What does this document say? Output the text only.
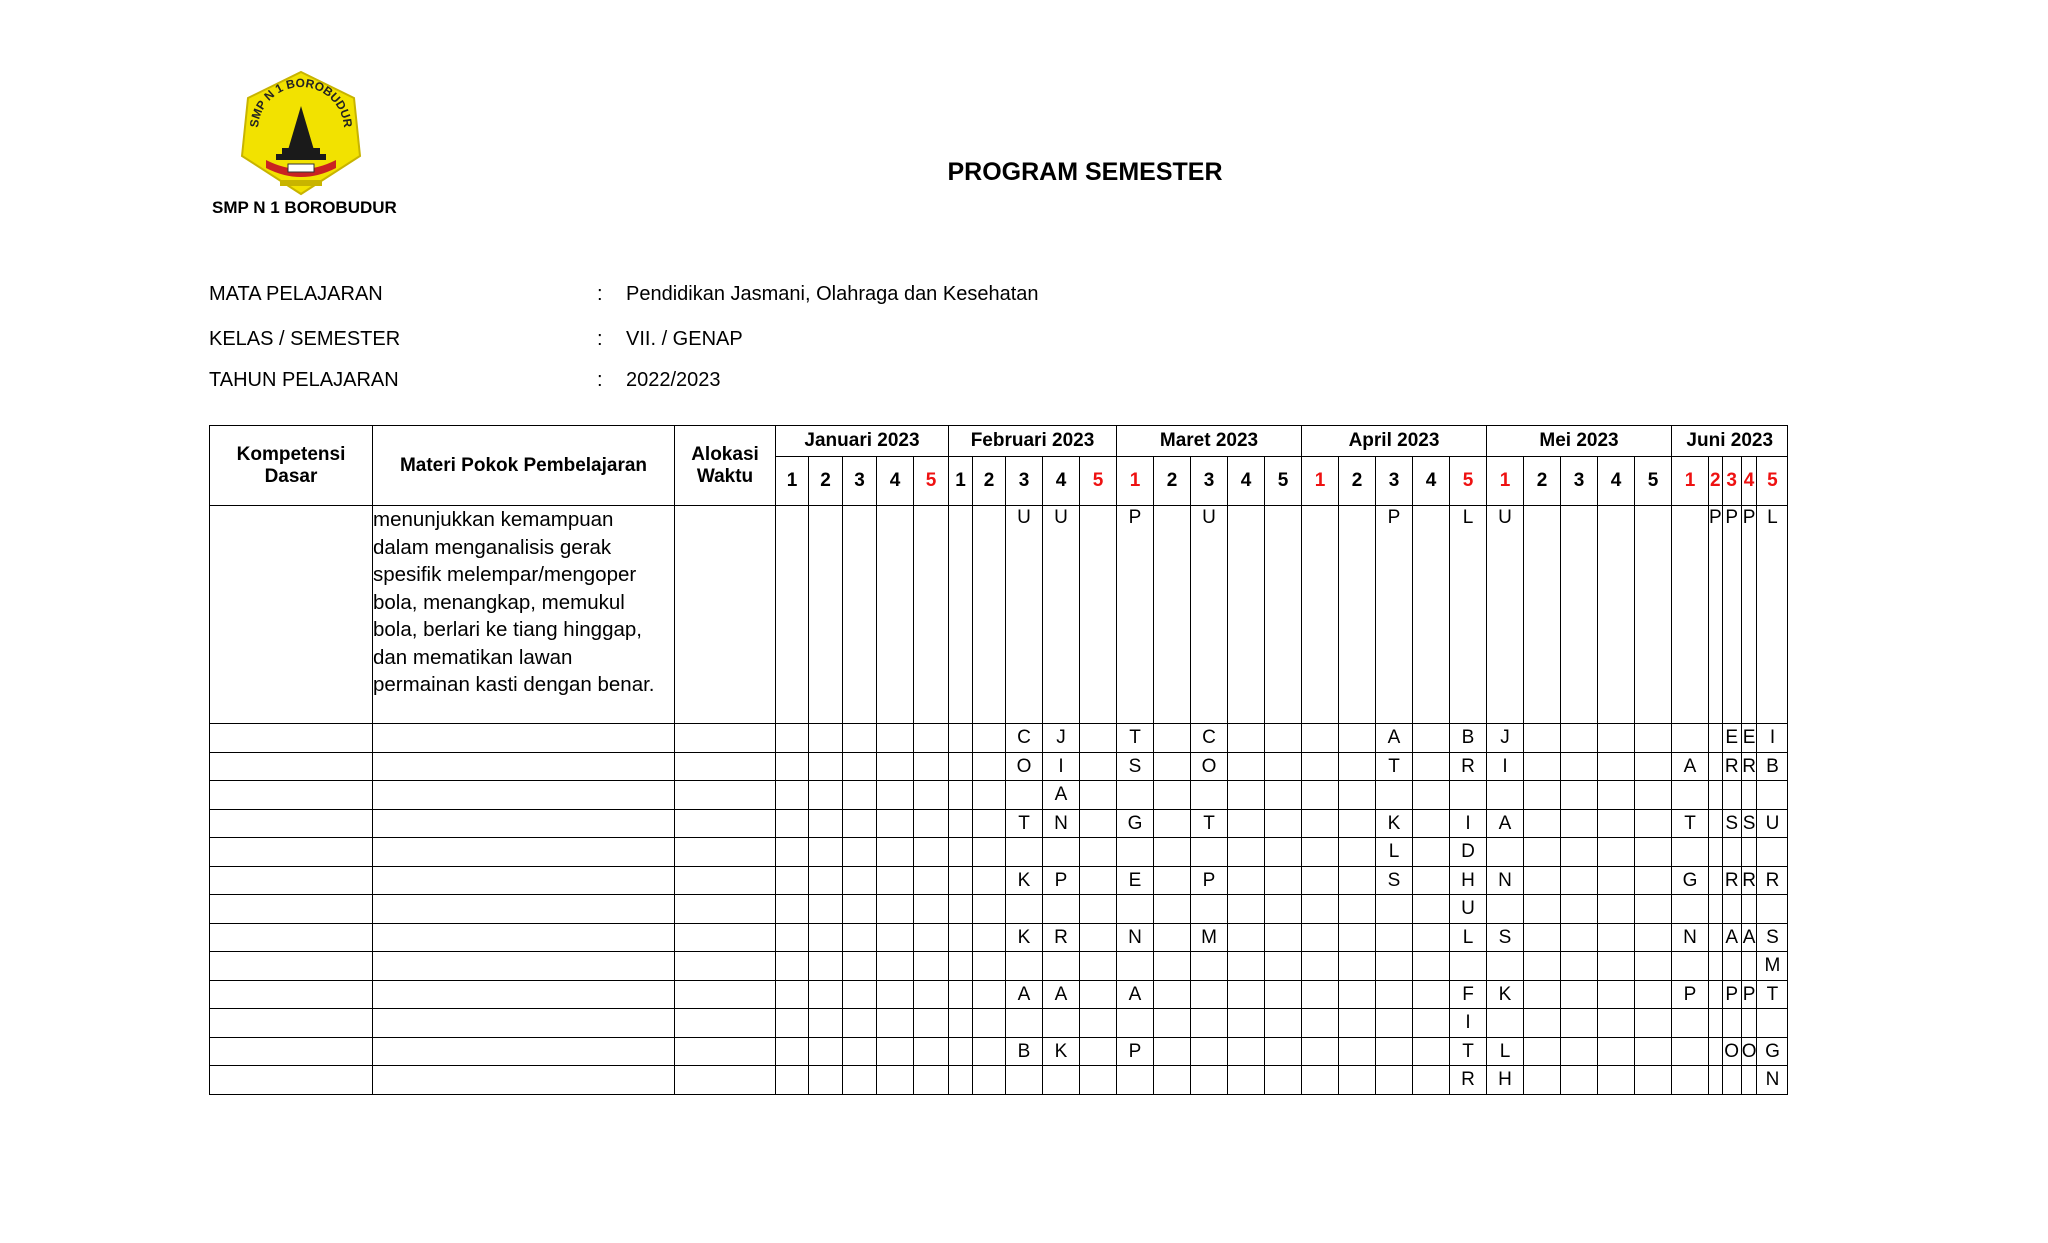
SMP N 1 BOROBUDUR
SMP N 1 BOROBUDUR
PROGRAM SEMESTER
MATA PELAJARAN	: Pendidikan Jasmani, Olahraga dan Kesehatan
KELAS / SEMESTER	: VII. / GENAP
TAHUN PELAJARAN	: 2022/2023
Kompetensi Dasar	Materi Pokok Pembelajaran	Alokasi Waktu	Januari 2023					Februari 2023					Maret 2023					April 2023					Mei 2023					Juni 2023				
			1	2	3	4	5	1	2	3	4	5	1	2	3	4	5	1	2	3	4	5	1	2	3	4	5	1	2	3	4	5
	menunjukkan kemampuan dalam menganalisis gerak spesifik melempar/mengoper bola, menangkap, memukul bola, berlari ke tiang hinggap, dan mematikan lawan permainan kasti dengan benar.									U	U		P		U					P		L	U						P	P	P	L
										C	J		T		C					A		B	J							E	E	I
										O	I		S		O					T		R	I					A		R	R	B
											A																					
										T	N		G		T					K		I	A					T		S	S	U
																				L		D										
										K	P		E		P					S		H	N					G		R	R	R
																						U										
										K	R		N		M							L	S					N		A	A	S
																																M
										A	A		A									F	K					P		P	P	T
																						I										
										B	K		P									T	L							O	O	G
																						R	H									N
